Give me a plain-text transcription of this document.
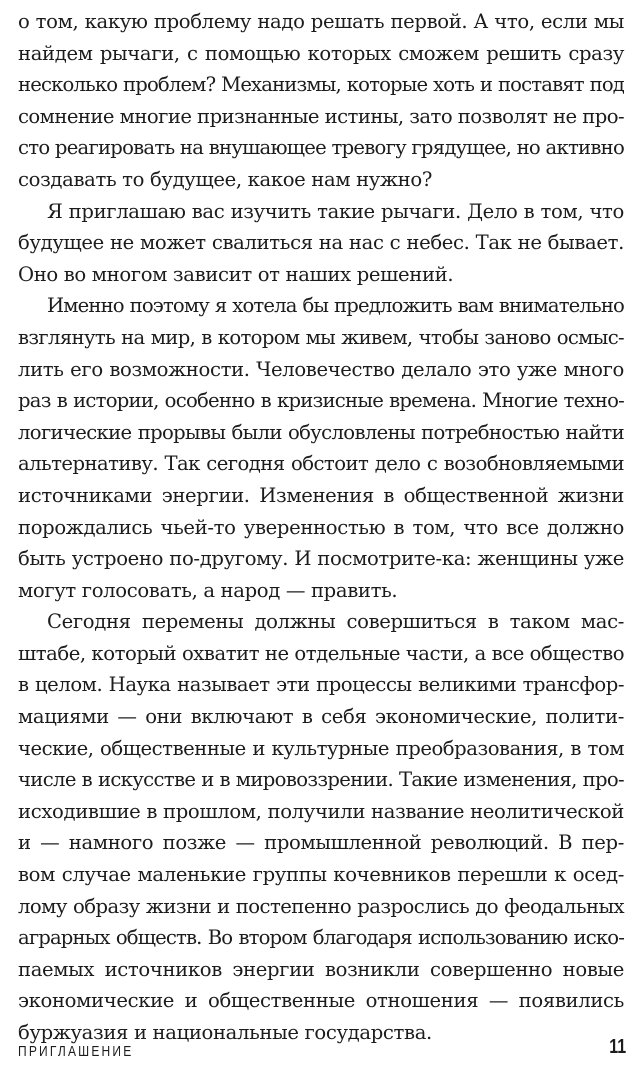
о том, какую проблему надо решать первой. А что, если мы
найдем рычаги, с помощью которых сможем решить сразу
несколько проблем? Механизмы, которые хоть и поставят под
сомнение многие признанные истины, зато позволят не про-
сто реагировать на внушающее тревогу грядущее, но активно
создавать то будущее, какое нам нужно?
Я приглашаю вас изучить такие рычаги. Дело в том, что
будущее не может свалиться на нас с небес. Так не бывает.
Оно во многом зависит от наших решений.
Именно поэтому я хотела бы предложить вам внимательно
взглянуть на мир, в котором мы живем, чтобы заново осмыс-
лить его возможности. Человечество делало это уже много
раз в истории, особенно в кризисные времена. Многие техно-
логические прорывы были обусловлены потребностью найти
альтернативу. Так сегодня обстоит дело с возобновляемыми
источниками энергии. Изменения в общественной жизни
порождались чьей-то уверенностью в том, что все должно
быть устроено по-другому. И посмотрите-ка: женщины уже
могут голосовать, а народ — править.
Сегодня перемены должны совершиться в таком мас-
штабе, который охватит не отдельные части, а все общество
в целом. Наука называет эти процессы великими трансфор-
мациями — они включают в себя экономические, полити-
ческие, общественные и культурные преобразования, в том
числе в искусстве и в мировоззрении. Такие изменения, про-
исходившие в прошлом, получили название неолитической
и — намного позже — промышленной революций. В пер-
вом случае маленькие группы кочевников перешли к осед-
лому образу жизни и постепенно разрослись до феодальных
аграрных обществ. Во втором благодаря использованию иско-
паемых источников энергии возникли совершенно новые
экономические и общественные отношения — появились
буржуазия и национальные государства.
ПРИГЛАШЕНИЕ	11
